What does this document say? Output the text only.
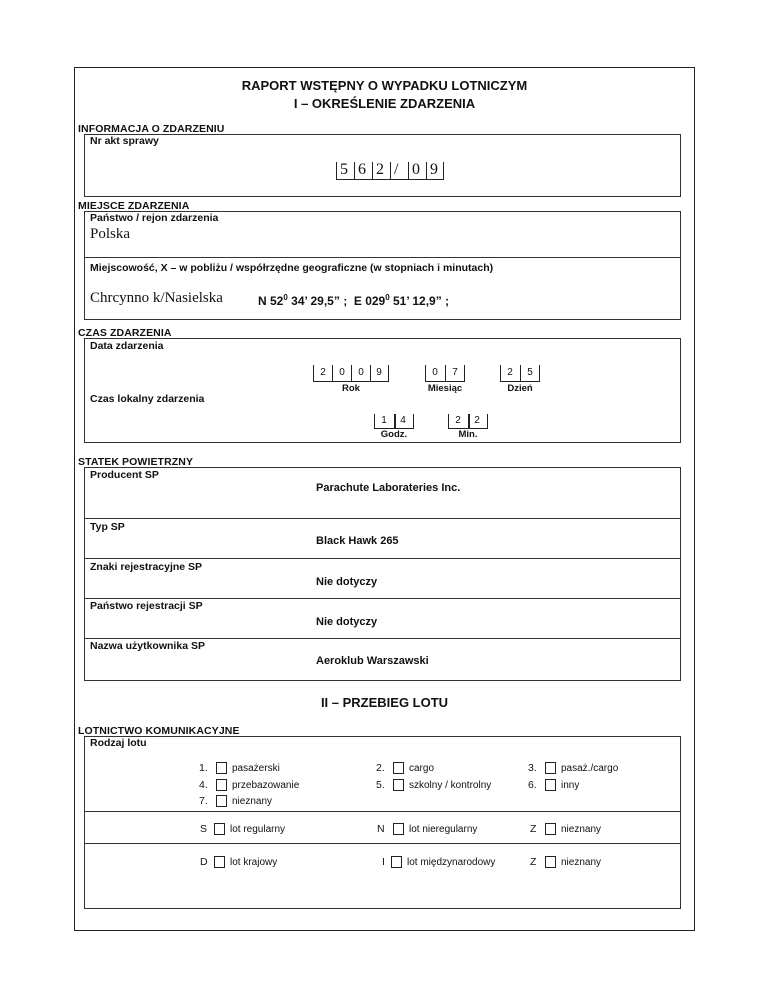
RAPORT WSTĘPNY O WYPADKU LOTNICZYM
I – OKREŚLENIE ZDARZENIA
INFORMACJA O ZDARZENIU
Nr akt sprawy
5 6 2 / 0 9
MIEJSCE ZDARZENIA
Państwo / rejon zdarzenia
Polska
Miejscowość, X – w pobliżu / współrzędne geograficzne (w stopniach i minutach)
Chrcynno k/Nasielska	N $52^0$ 34’ 29,5” ; E $029^0$ 51’ 12,9” ;
CZAS ZDARZENIA
Data zdarzenia
2	0	0	9
Rok
0	7
Miesiąc
2	5
Dzień
Czas lokalny zdarzenia
1	4
Godz.
2	2
Min.
STATEK POWIETRZNY
Producent SP
Parachute Laborateries Inc.
Typ SP
Black Hawk 265
Znaki rejestracyjne SP
Nie dotyczy
Państwo rejestracji SP
Nie dotyczy
Nazwa użytkownika SP
Aeroklub Warszawski
II – PRZEBIEG LOTU
LOTNICTWO KOMUNIKACYJNE
Rodzaj lotu
1. pasażerski	2. cargo	3. pasaż./cargo
4. przebazowanie	5. szkolny / kontrolny	6. inny
7. nieznany
S lot regularny	N lot nieregularny	Z nieznany
D lot krajowy	I lot międzynarodowy	Z nieznany
